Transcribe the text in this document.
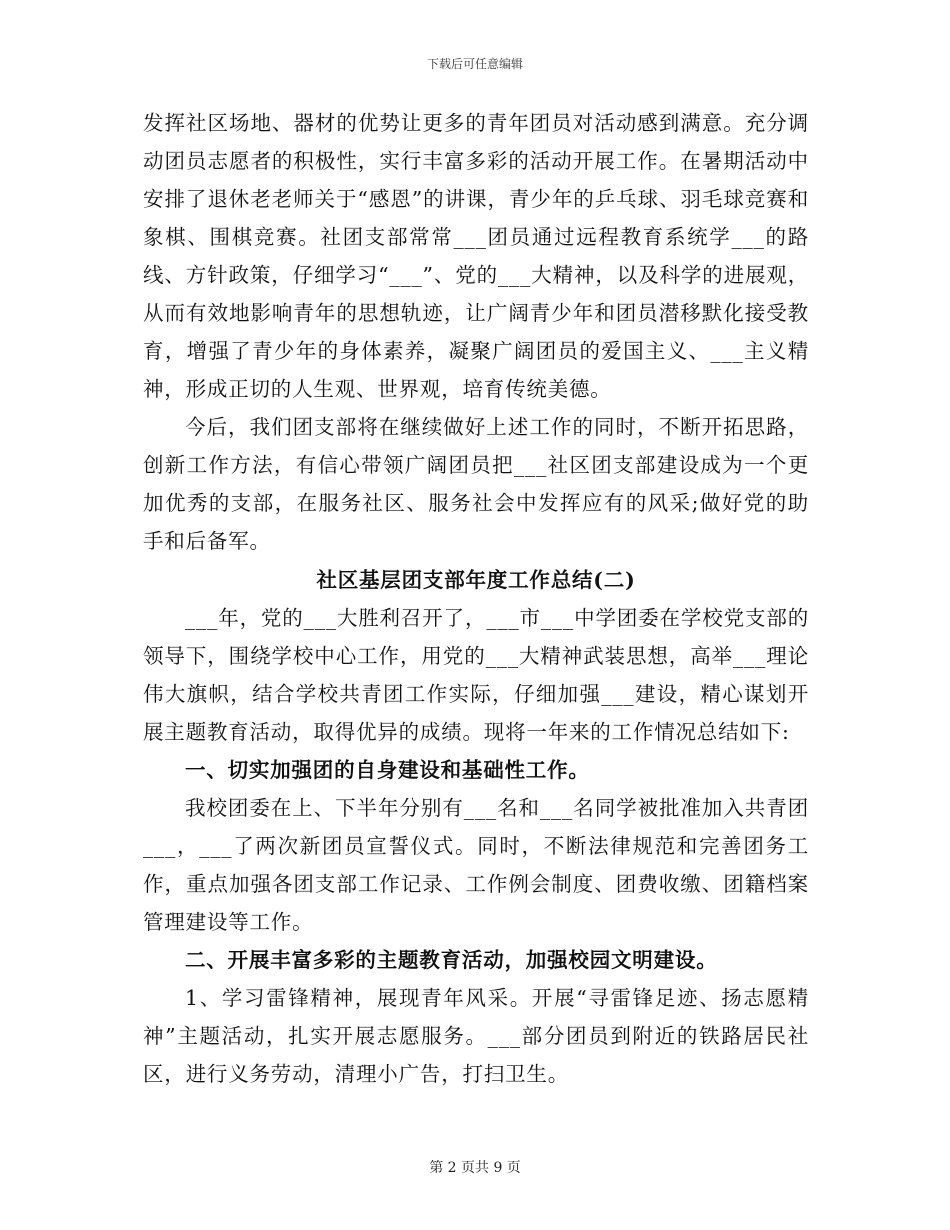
下载后可任意编辑

发挥社区场地、器材的优势让更多的青年团员对活动感到满意。充分调动团员志愿者的积极性，实行丰富多彩的活动开展工作。在暑期活动中安排了退休老老师关于“感恩”的讲课，青少年的乒乓球、羽毛球竞赛和象棋、围棋竞赛。社团支部常常___团员通过远程教育系统学___的路线、方针政策，仔细学习“___”、党的___大精神，以及科学的进展观，从而有效地影响青年的思想轨迹，让广阔青少年和团员潜移默化接受教育，增强了青少年的身体素养，凝聚广阔团员的爱国主义、___主义精神，形成正切的人生观、世界观，培育传统美德。

今后，我们团支部将在继续做好上述工作的同时，不断开拓思路，创新工作方法，有信心带领广阔团员把___社区团支部建设成为一个更加优秀的支部，在服务社区、服务社会中发挥应有的风采;做好党的助手和后备军。

社区基层团支部年度工作总结(二)

___年，党的___大胜利召开了，___市___中学团委在学校党支部的领导下，围绕学校中心工作，用党的___大精神武装思想，高举___理论伟大旗帜，结合学校共青团工作实际，仔细加强___建设，精心谋划开展主题教育活动，取得优异的成绩。现将一年来的工作情况总结如下:

一、切实加强团的自身建设和基础性工作。

我校团委在上、下半年分别有___名和___名同学被批准加入共青团___，___了两次新团员宣誓仪式。同时，不断法律规范和完善团务工作，重点加强各团支部工作记录、工作例会制度、团费收缴、团籍档案管理建设等工作。

二、开展丰富多彩的主题教育活动，加强校园文明建设。

1、学习雷锋精神，展现青年风采。开展“寻雷锋足迹、扬志愿精神”主题活动，扎实开展志愿服务。___部分团员到附近的铁路居民社区，进行义务劳动，清理小广告，打扫卫生。

第 2 页共 9 页
